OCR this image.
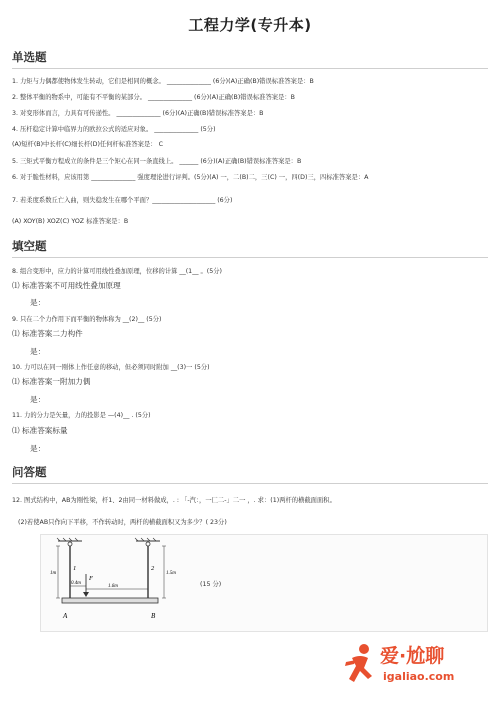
工程力学(专升本)
单选题
1. 力矩与力偶都使物体发生转动，它们是相同的概念。 ______________ (6分)(A)正确(B)错误标准答案是：B
2. 整体平衡的物系中，可能有不平衡的某部分。 ______________ (6分)(A)正确(B)错误标准答案是：B
3. 对变形体而言，力具有可传递性。 ______________ (6分)(A)正确(B)错误标准答案是：B
4. 压杆稳定计算中临界力的欧拉公式的适应对象。 ______________ (5分)
(A)短杆(B)中长杆(C)细长杆(D)任何杆标准答案是： C
5. 三矩式平衡方程成立的条件是三个矩心在同一条直线上。 ______ (6分)(A)正确(B)错误标准答案是：B
6. 对于脆性材料，应该用第 ______________ 强度理论进行评判。(5分)(A) 一，二(B)二，三(C) 一，四(D)三，四标准答案是：A
7. 若柔度系数丘亡入曲，则失稳发生在哪个平面？____________________ (6分)
(A) XOY(B) XOZ(C) YOZ 标准答案是：B
填空题
8. 组合变形中，应力的计算可用线性叠加原理，位移的计算 __(1__ 。(5分)
⑴ 标准答案不可用线性叠加原理
是：
9. 只在二个力作用下而平衡的物体称为 __(2)__ (5分)
⑴ 标准答案二力构件
是：
10. 力可以在同一刚体上作任意的移动，但必须同时附加 __(3)一 (5分)
⑴ 标准答案一附加力偶
是：
11. 力的分力是矢量，力的投影是 —(4)__ . (5分)
⑴ 标准答案标量
是：
问答题
12. 图式结构中，AB为刚性梁，杆1、2由同一材料做成，. : 「-汽：，一匚二-」二一 ，. 求：(1)两杆的横截面面积。
(2)若使AB只作向下平移，不作转动时，两杆的横截面积又为多少？( 23分)
A	B
1	2
F
0.4m
1.6m
1m	1.5m
(15 分)
爱·尬聊
igaliao.com
